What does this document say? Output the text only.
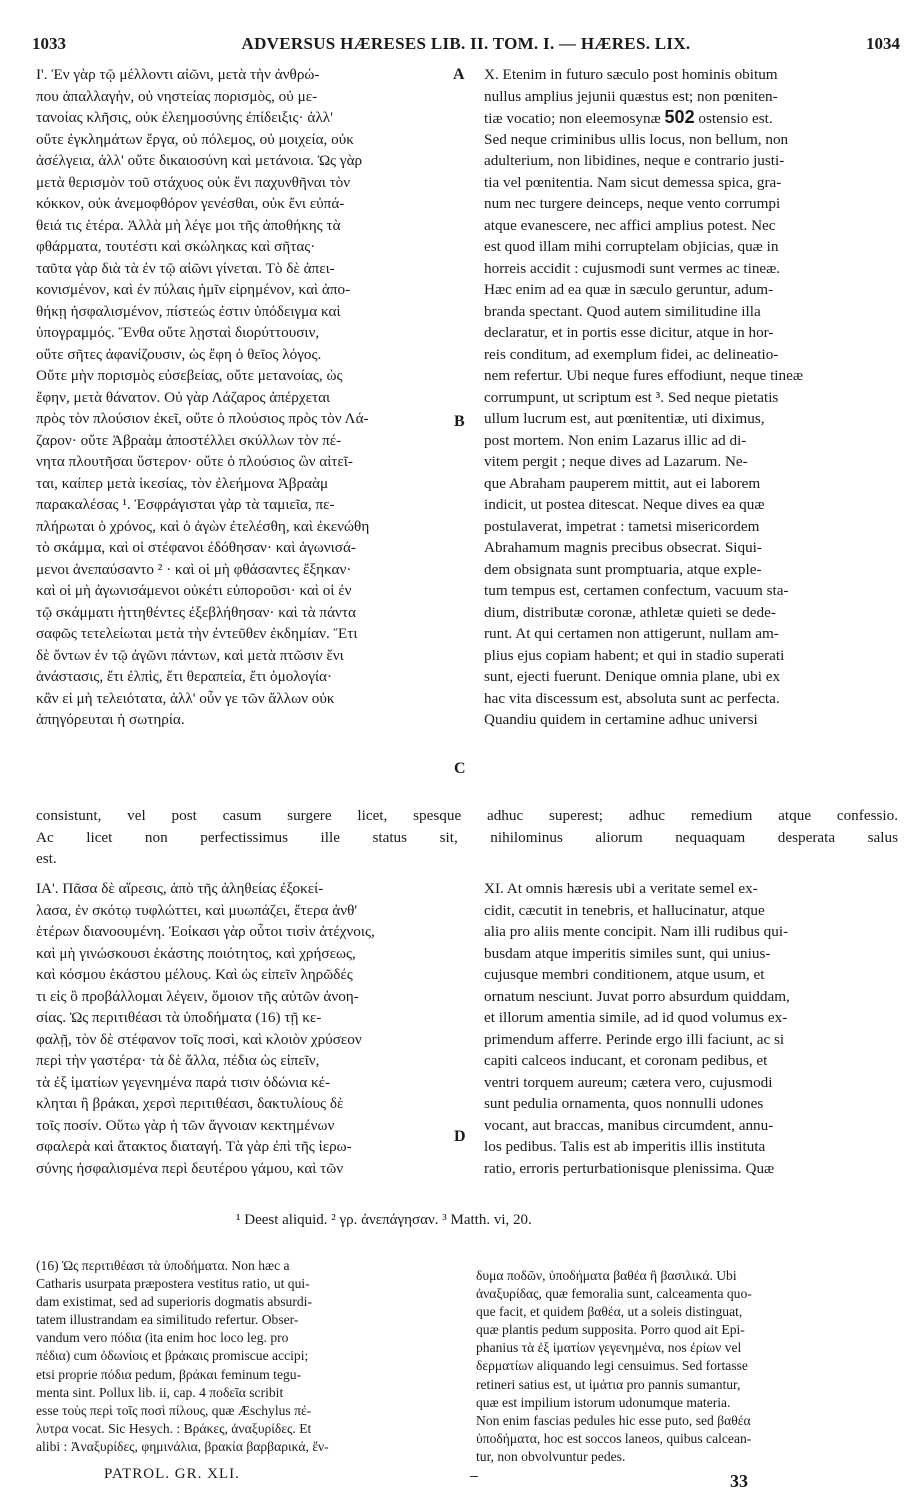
1033	ADVERSUS HÆRESES LIB. II. TOM. I. — HÆRES. LIX.	1034
Ι'. Ἐν γὰρ τῷ μέλλοντι αἰῶνι, μετὰ τὴν ἀνθρώ-
που ἀπαλλαγὴν, οὐ νηστείας πορισμὸς, οὐ με-
τανοίας κλῆσις, οὐκ ἐλεημοσύνης ἐπίδειξις· ἀλλ'
οὔτε ἐγκλημάτων ἔργα, οὐ πόλεμος, οὐ μοιχεία, οὐκ
ἀσέλγεια, ἀλλ' οὔτε δικαιοσύνη καὶ μετάνοια. Ὡς γὰρ
μετὰ θερισμὸν τοῦ στάχυος οὐκ ἔνι παχυνθῆναι τὸν
κόκκον, οὐκ ἀνεμοφθόρον γενέσθαι, οὐκ ἔνι εὐπά-
θειά τις ἑτέρα. Ἀλλὰ μὴ λέγε μοι τῆς ἀποθήκης τὰ
φθάρματα, τουτέστι καὶ σκώληκας καὶ σῆτας·
ταῦτα γὰρ διὰ τὰ ἐν τῷ αἰῶνι γίνεται. Τὸ δὲ ἀπει-
κονισμένον, καὶ ἐν πύλαις ἡμῖν εἰρημένον, καὶ ἀπο-
θήκῃ ἠσφαλισμένον, πίστεώς ἐστιν ὑπόδειγμα καὶ
ὑπογραμμός. Ἔνθα οὔτε λῃσταὶ διορύττουσιν,
οὔτε σῆτες ἀφανίζουσιν, ὡς ἔφη ὁ θεῖος λόγος.
Οὔτε μὴν πορισμὸς εὐσεβείας, οὔτε μετανοίας, ὡς
ἔφην, μετὰ θάνατον. Οὐ γὰρ Λάζαρος ἀπέρχεται
πρὸς τὸν πλούσιον ἐκεῖ, οὔτε ὁ πλούσιος πρὸς τὸν Λά-
ζαρον· οὔτε Ἀβραὰμ ἀποστέλλει σκύλλων τὸν πέ-
νητα πλουτῆσαι ὕστερον· οὔτε ὁ πλούσιος ὢν αἰτεῖ-
ται, καίπερ μετὰ ἱκεσίας, τὸν ἐλεήμονα Ἀβραὰμ
παρακαλέσας ¹. Ἐσφράγισται γὰρ τὰ ταμιεῖα, πε-
πλήρωται ὁ χρόνος, καὶ ὁ ἀγὼν ἐτελέσθη, καὶ ἐκενώθη
τὸ σκάμμα, καὶ οἱ στέφανοι ἐδόθησαν· καὶ ἀγωνισά-
μενοι ἀνεπαύσαντο ² · καὶ οἱ μὴ φθάσαντες ἔξηκαν·
καὶ οἱ μὴ ἀγωνισάμενοι οὐκέτι εὐποροῦσι· καὶ οἱ ἐν
τῷ σκάμματι ἡττηθέντες ἐξεβλήθησαν· καὶ τὰ πάντα
σαφῶς τετελείωται μετὰ τὴν ἐντεῦθεν ἐκδημίαν. Ἔτι
δὲ ὄντων ἐν τῷ ἀγῶνι πάντων, καὶ μετὰ πτῶσιν ἔνι
ἀνάστασις, ἔτι ἐλπὶς, ἔτι θεραπεία, ἔτι ὁμολογία·
κἂν εἰ μὴ τελειότατα, ἀλλ' οὖν γε τῶν ἄλλων οὐκ
ἀπηγόρευται ἡ σωτηρία.
A
B
C
D
X. Etenim in futuro sæculo post hominis obitum
nullus amplius jejunii quæstus est; non pœniten-
tiæ vocatio; non eleemosynæ 502 ostensio est.
Sed neque criminibus ullis locus, non bellum, non
adulterium, non libidines, neque e contrario justi-
tia vel pœnitentia. Nam sicut demessa spica, gra-
num nec turgere deinceps, neque vento corrumpi
atque evanescere, nec affici amplius potest. Nec
est quod illam mihi corruptelam objicias, quæ in
horreis accidit : cujusmodi sunt vermes ac tineæ.
Hæc enim ad ea quæ in sæculo geruntur, adum-
branda spectant. Quod autem similitudine illa
declaratur, et in portis esse dicitur, atque in hor-
reis conditum, ad exemplum fidei, ac delineatio-
nem refertur. Ubi neque fures effodiunt, neque tineæ
corrumpunt, ut scriptum est ³. Sed neque pietatis
ullum lucrum est, aut pœnitentiæ, uti diximus,
post mortem. Non enim Lazarus illic ad di-
vitem pergit ; neque dives ad Lazarum. Ne-
que Abraham pauperem mittit, aut ei laborem
indicit, ut postea ditescat. Neque dives ea quæ
postulaverat, impetrat : tametsi misericordem
Abrahamum magnis precibus obsecrat. Siqui-
dem obsignata sunt promptuaria, atque exple-
tum tempus est, certamen confectum, vacuum sta-
dium, distributæ coronæ, athletæ quieti se dede-
runt. At qui certamen non attigerunt, nullam am-
plius ejus copiam habent; et qui in stadio superati
sunt, ejecti fuerunt. Denique omnia plane, ubi ex
hac vita discessum est, absoluta sunt ac perfecta.
Quandiu quidem in certamine adhuc universi
consistunt, vel post casum surgere licet, spesque adhuc superest; adhuc remedium atque confessio.
Ac licet non perfectissimus ille status sit, nihilominus aliorum nequaquam desperata salus
est.
ΙΑ'. Πᾶσα δὲ αἵρεσις, ἀπὸ τῆς ἀληθείας ἐξοκεί-
λασα, ἐν σκότῳ τυφλώττει, καὶ μυωπάζει, ἕτερα ἀνθ'
ἑτέρων διανοουμένη. Ἐοίκασι γὰρ οὗτοι τισὶν ἀτέχνοις,
καὶ μὴ γινώσκουσι ἑκάστης ποιότητος, καὶ χρήσεως,
καὶ κόσμου ἑκάστου μέλους. Καὶ ὡς εἰπεῖν ληρῶδές
τι εἰς ὃ προβάλλομαι λέγειν, ὅμοιον τῆς αὐτῶν ἀνοη-
σίας. Ὡς περιτιθέασι τὰ ὑποδήματα (16) τῇ κε-
φαλῇ, τὸν δὲ στέφανον τοῖς ποσὶ, καὶ κλοιὸν χρύσεον
περὶ τὴν γαστέρα· τὰ δὲ ἄλλα, πέδια ὡς εἰπεῖν,
τὰ ἐξ ἱματίων γεγενημένα παρά τισιν ὀδώνια κέ-
κληται ἢ βράκαι, χερσὶ περιτιθέασι, δακτυλίους δὲ
τοῖς ποσίν. Οὕτω γὰρ ἡ τῶν ἄγνοιαν κεκτημένων
σφαλερὰ καὶ ἄτακτος διαταγή. Τὰ γὰρ ἐπὶ τῆς ἱερω-
σύνης ἠσφαλισμένα περὶ δευτέρου γάμου, καὶ τῶν
XI. At omnis hæresis ubi a veritate semel ex-
cidit, cæcutit in tenebris, et hallucinatur, atque
alia pro aliis mente concipit. Nam illi rudibus qui-
busdam atque imperitis similes sunt, qui unius-
cujusque membri conditionem, atque usum, et
ornatum nesciunt. Juvat porro absurdum quiddam,
et illorum amentia simile, ad id quod volumus ex-
primendum afferre. Perinde ergo illi faciunt, ac si
capiti calceos inducant, et coronam pedibus, et
ventri torquem aureum; cætera vero, cujusmodi
sunt pedulia ornamenta, quos nonnulli udones
vocant, aut braccas, manibus circumdent, annu-
los pedibus. Talis est ab imperitis illis instituta
ratio, erroris perturbationisque plenissima. Quæ
¹ Deest aliquid. ² γρ. ἀνεπάγησαν. ³ Matth. vi, 20.
(16) Ὡς περιτιθέασι τὰ ὑποδήματα. Non hæc a
Catharis usurpata præpostera vestitus ratio, ut qui-
dam existimat, sed ad superioris dogmatis absurdi-
tatem illustrandam ea similitudo refertur. Obser-
vandum vero πόδια (ita enim hoc loco leg. pro
πέδια) cum ὀδωνίοις et βράκαις promiscue accipi;
etsi proprie πόδια pedum, βράκαι feminum tegu-
menta sint. Pollux lib. ii, cap. 4 ποδεῖα scribit
esse τοὺς περὶ τοῖς ποσὶ πίλους, quæ Æschylus πέ-
λυτρα vocat. Sic Hesych. : Βράκες, ἀναξυρίδες. Et
alibi : Ἀναξυρίδες, φημινάλια, βρακία βαρβαρικά, ἔν-
δυμα ποδῶν, ὑποδήματα βαθέα ἢ βασιλικά. Ubi
ἀναξυρίδας, quæ femoralia sunt, calceamenta quo-
que facit, et quidem βαθέα, ut a soleis distinguat,
quæ plantis pedum supposita. Porro quod ait Epi-
phanius τὰ ἐξ ἱματίων γεγενημένα, nos ἐρίων vel
δερματίων aliquando legi censuimus. Sed fortasse
retineri satius est, ut ἱμάτια pro pannis sumantur,
quæ est impilium istorum udonumque materia.
Non enim fascias pedules hic esse puto, sed βαθέα
ὑποδήματα, hoc est soccos laneos, quibus calcean-
tur, non obvolvuntur pedes.
PATROL. GR. XLI.	33
